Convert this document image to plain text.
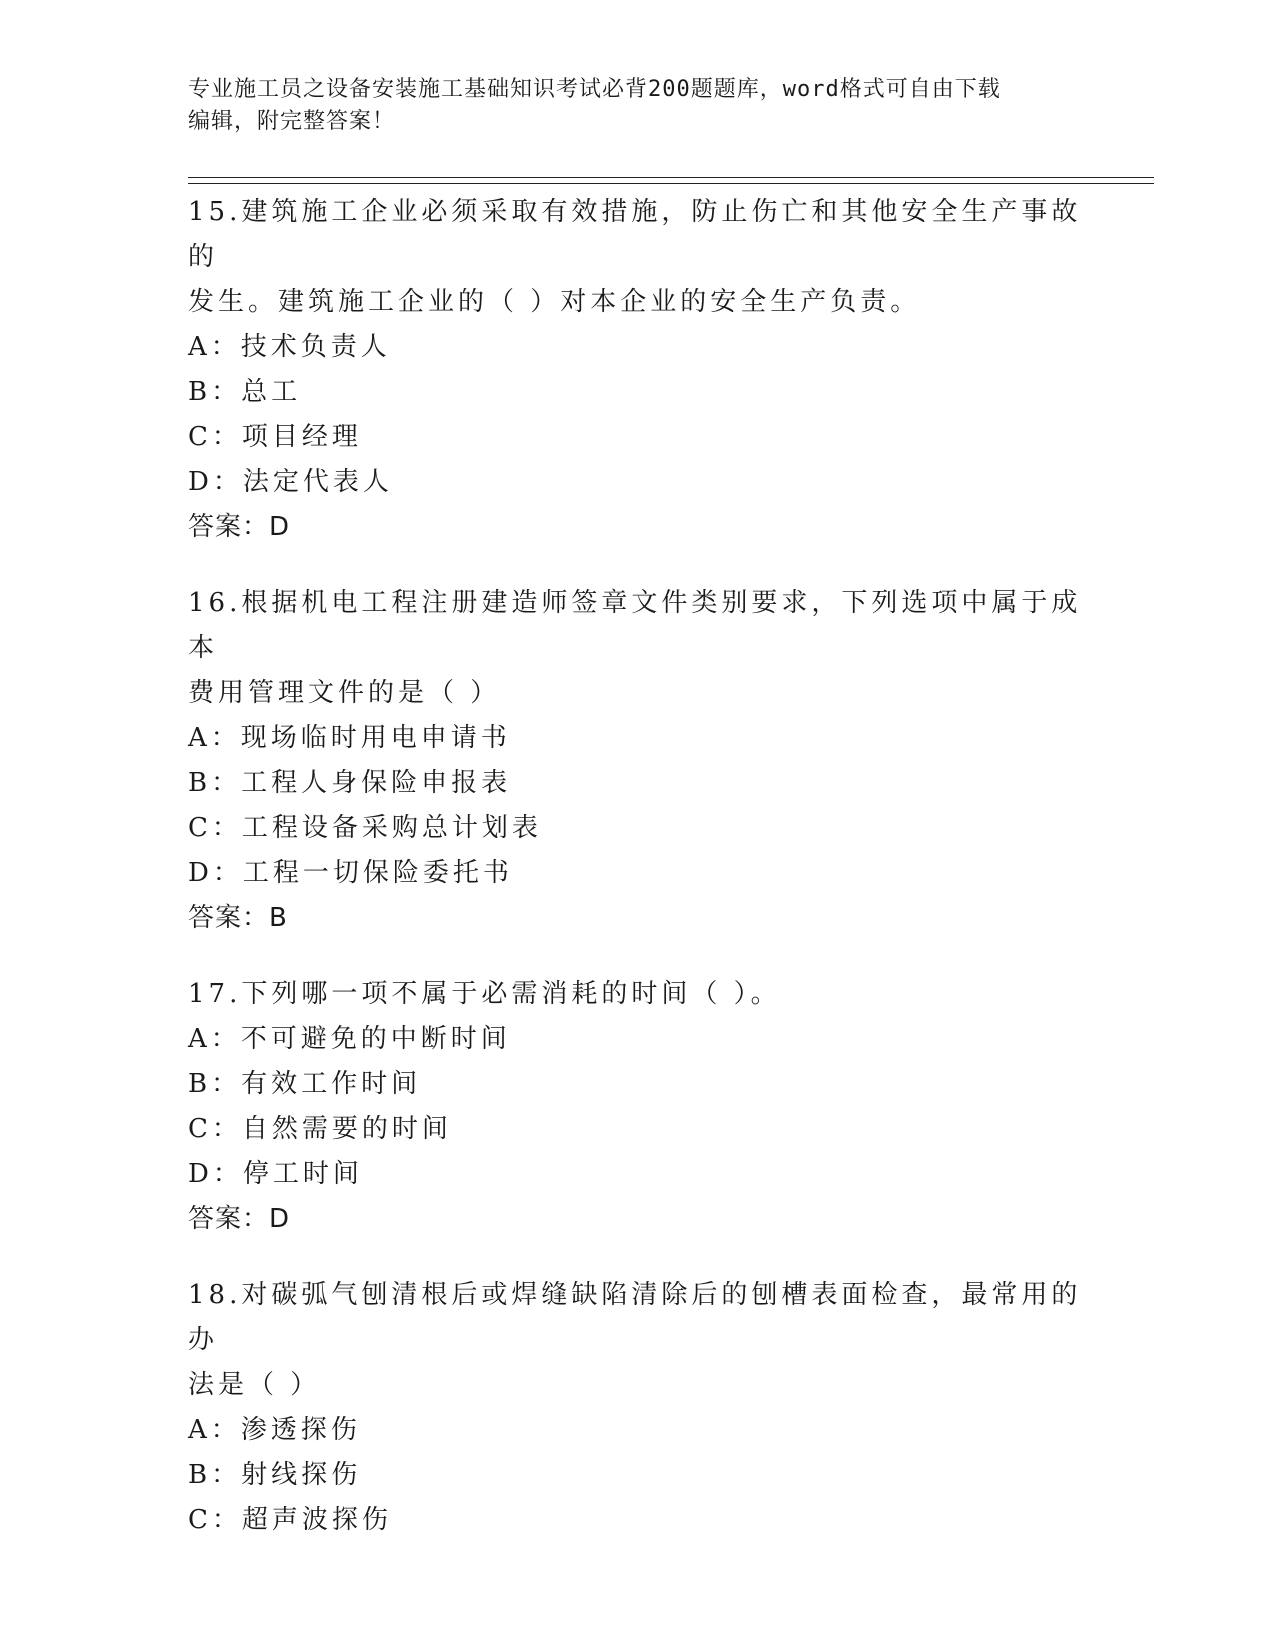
专业施工员之设备安装施工基础知识考试必背200题题库，word格式可自由下载
编辑，附完整答案！

15.建筑施工企业必须采取有效措施，防止伤亡和其他安全生产事故的

发生。建筑施工企业的（ ）对本企业的安全生产负责。

A：技术负责人

B：总工

C：项目经理

D：法定代表人

答案：D

16.根据机电工程注册建造师签章文件类别要求，下列选项中属于成本

费用管理文件的是（ ）

A：现场临时用电申请书

B：工程人身保险申报表

C：工程设备采购总计划表

D：工程一切保险委托书

答案：B

17.下列哪一项不属于必需消耗的时间（ ）。

A：不可避免的中断时间

B：有效工作时间

C：自然需要的时间

D：停工时间

答案：D

18.对碳弧气刨清根后或焊缝缺陷清除后的刨槽表面检查，最常用的办

法是（ ）

A：渗透探伤

B：射线探伤

C：超声波探伤
